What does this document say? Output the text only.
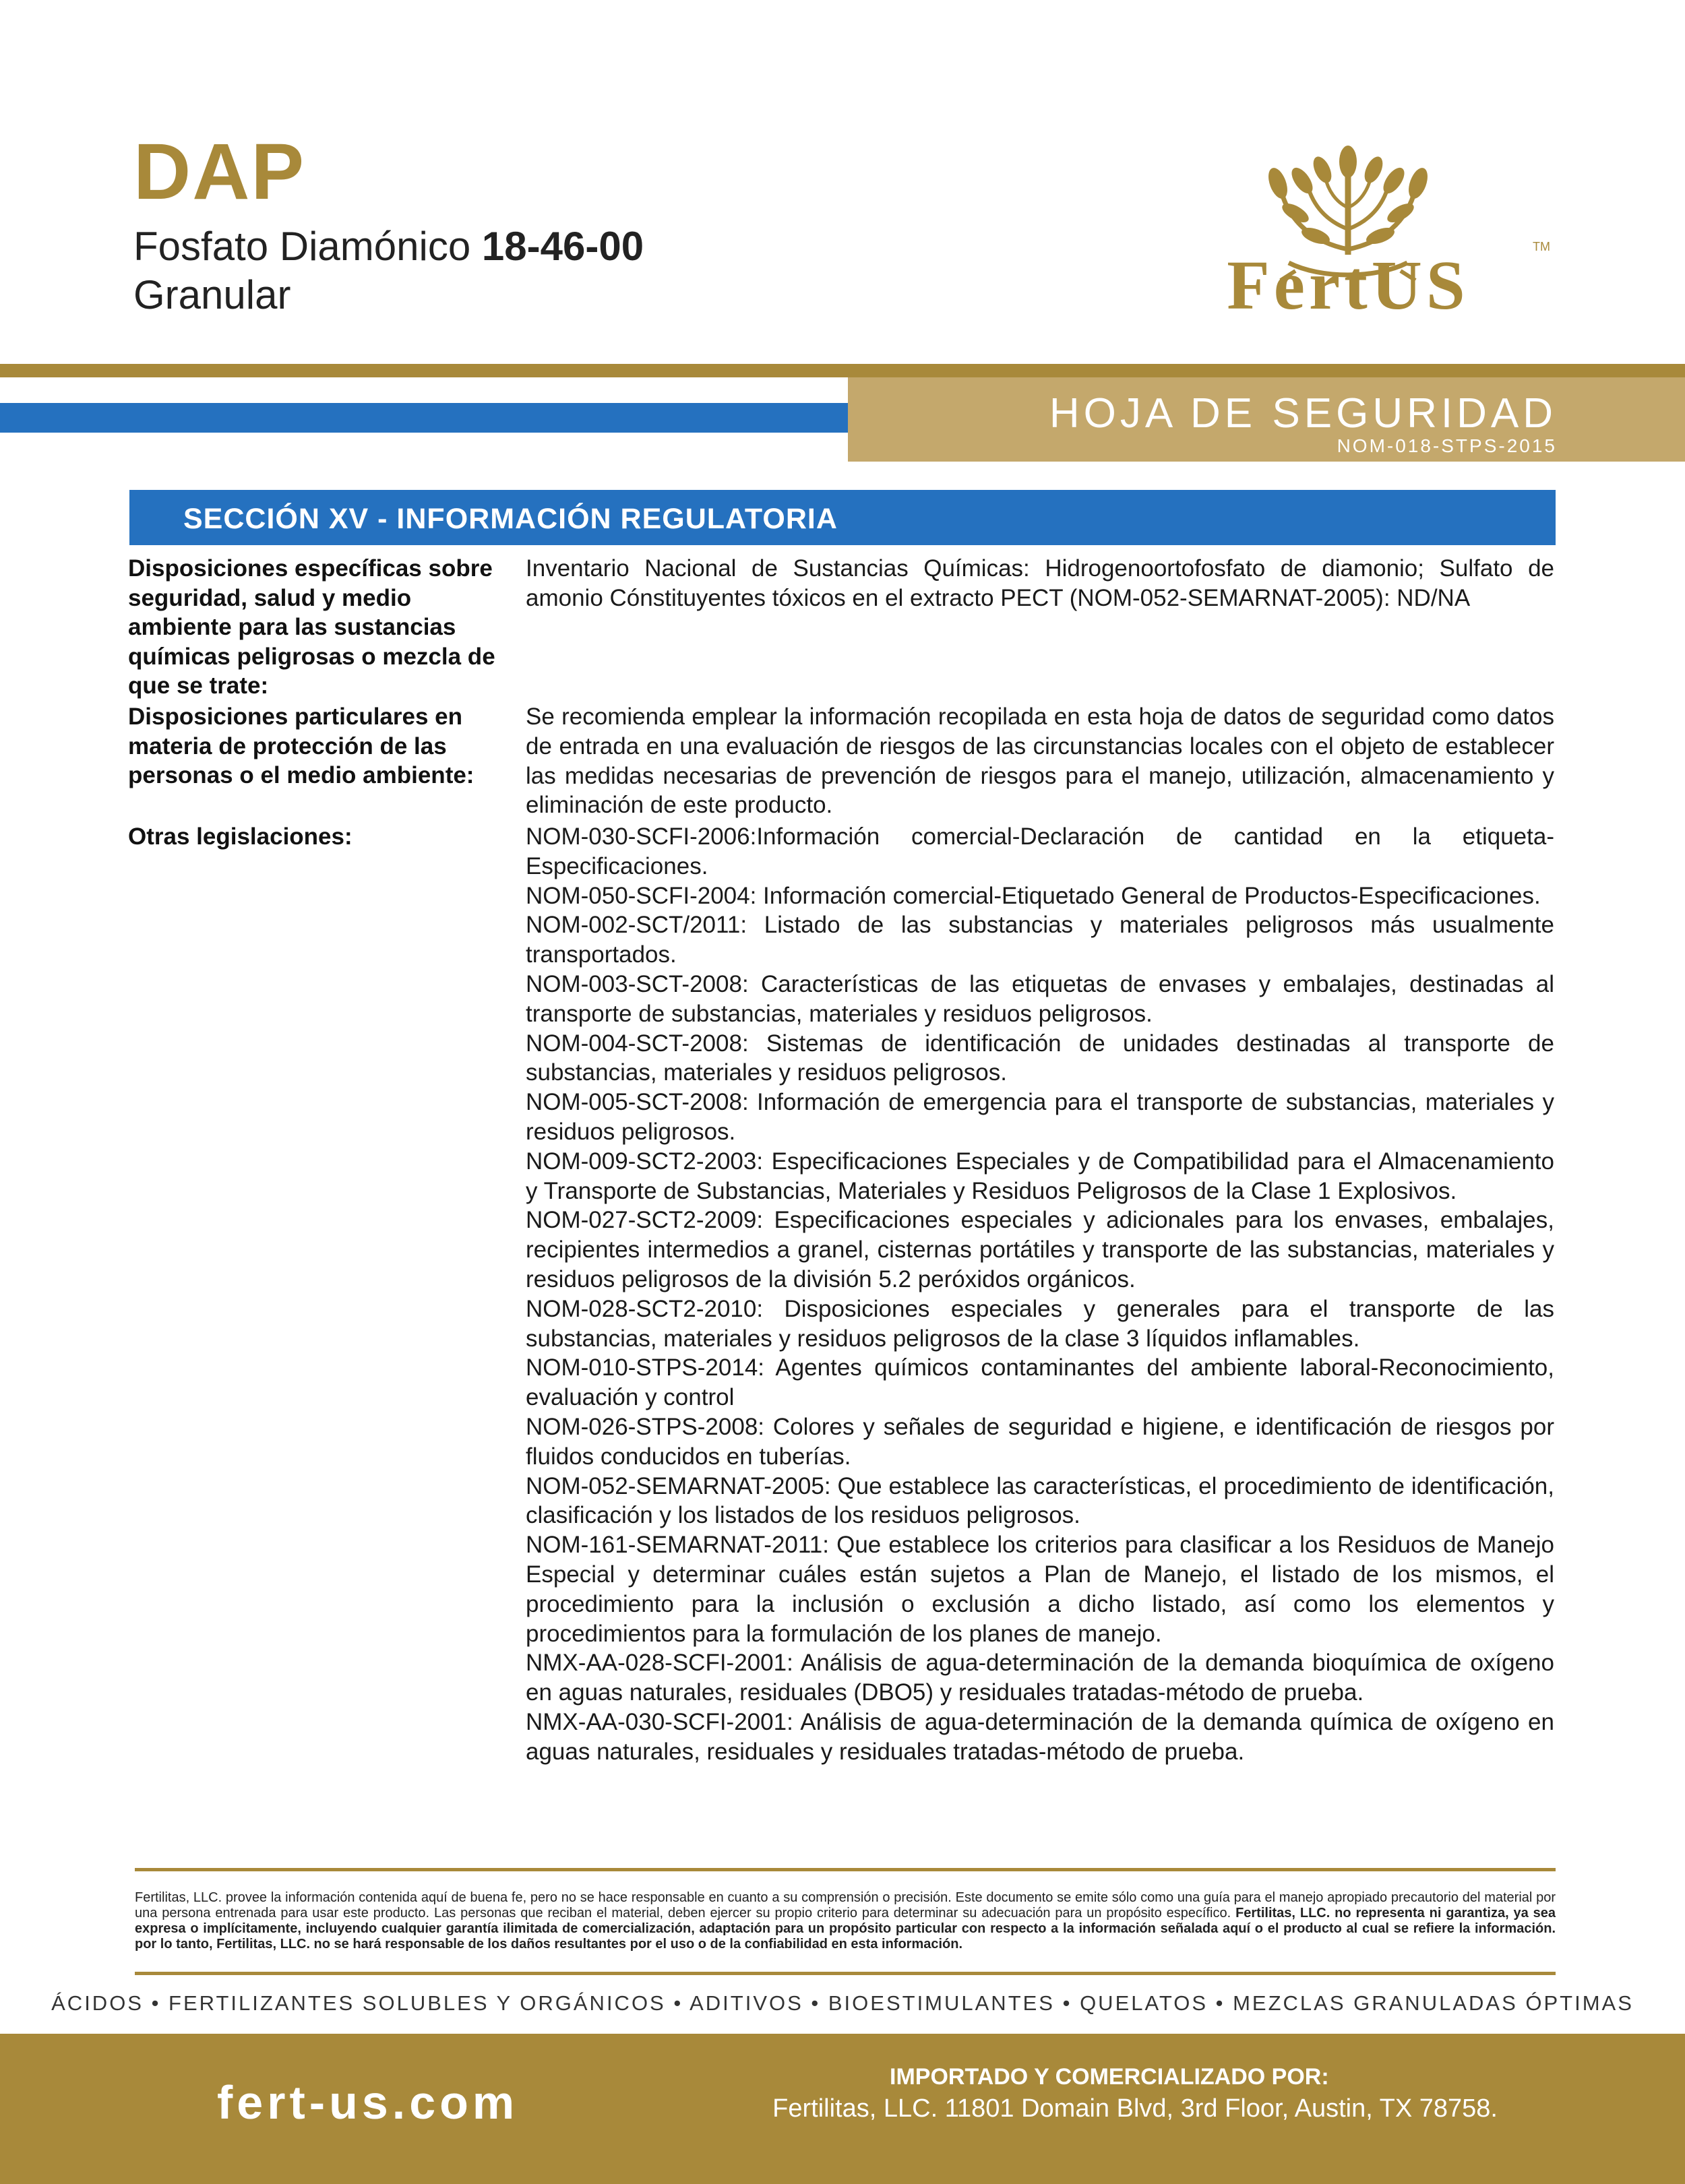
DAP
Fosfato Diamónico 18-46-00
Granular	FertUS	TM
HOJA DE SEGURIDAD
NOM-018-STPS-2015
SECCIÓN XV - INFORMACIÓN REGULATORIA
Disposiciones específicas sobre seguridad, salud y medio ambiente para las sustancias químicas peligrosas o mezcla de que se trate:

Inventario Nacional de Sustancias Químicas: Hidrogenoortofosfato de diamonio; Sulfato de amonio Cónstituyentes tóxicos en el extracto PECT (NOM-052-SEMARNAT-2005): ND/NA

Disposiciones particulares en materia de protección de las personas o el medio ambiente:

Se recomienda emplear la información recopilada en esta hoja de datos de seguridad como datos de entrada en una evaluación de riesgos de las circunstancias locales con el objeto de establecer las medidas necesarias de prevención de riesgos para el manejo, utilización, almacenamiento y eliminación de este producto.

Otras legislaciones:	NOM-030-SCFI-2006:Información comercial-Declaración de cantidad en la etiqueta-Especificaciones.

NOM-050-SCFI-2004: Información comercial-Etiquetado General de Productos-Especificaciones.

NOM-002-SCT/2011: Listado de las substancias y materiales peligrosos más usualmente transportados.

NOM-003-SCT-2008: Características de las etiquetas de envases y embalajes, destinadas al transporte de substancias, materiales y residuos peligrosos.

NOM-004-SCT-2008: Sistemas de identificación de unidades destinadas al transporte de substancias, materiales y residuos peligrosos.

NOM-005-SCT-2008: Información de emergencia para el transporte de substancias, materiales y residuos peligrosos.

NOM-009-SCT2-2003: Especificaciones Especiales y de Compatibilidad para el Almacenamiento y Transporte de Substancias, Materiales y Residuos Peligrosos de la Clase 1 Explosivos.

NOM-027-SCT2-2009: Especificaciones especiales y adicionales para los envases, embalajes, recipientes intermedios a granel, cisternas portátiles y transporte de las substancias, materiales y residuos peligrosos de la división 5.2 peróxidos orgánicos.

NOM-028-SCT2-2010: Disposiciones especiales y generales para el transporte de las substancias, materiales y residuos peligrosos de la clase 3 líquidos inflamables.

NOM-010-STPS-2014: Agentes químicos contaminantes del ambiente laboral-Reconocimiento, evaluación y control

NOM-026-STPS-2008: Colores y señales de seguridad e higiene, e identificación de riesgos por fluidos conducidos en tuberías.

NOM-052-SEMARNAT-2005: Que establece las características, el procedimiento de identificación, clasificación y los listados de los residuos peligrosos.

NOM-161-SEMARNAT-2011: Que establece los criterios para clasificar a los Residuos de Manejo Especial y determinar cuáles están sujetos a Plan de Manejo, el listado de los mismos, el procedimiento para la inclusión o exclusión a dicho listado, así como los elementos y procedimientos para la formulación de los planes de manejo.

NMX-AA-028-SCFI-2001: Análisis de agua-determinación de la demanda bioquímica de oxígeno en aguas naturales, residuales (DBO5) y residuales tratadas-método de prueba.

NMX-AA-030-SCFI-2001: Análisis de agua-determinación de la demanda química de oxígeno en aguas naturales, residuales y residuales tratadas-método de prueba.

Fertilitas, LLC. provee la información contenida aquí de buena fe, pero no se hace responsable en cuanto a su comprensión o precisión. Este documento se emite sólo como una guía para el manejo apropiado precautorio del material por una persona entrenada para usar este producto. Las personas que reciban el material, deben ejercer su propio criterio para determinar su adecuación para un propósito específico. Fertilitas, LLC. no representa ni garantiza, ya sea expresa o implícitamente, incluyendo cualquier garantía ilimitada de comercialización, adaptación para un propósito particular con respecto a la información señalada aquí o el producto al cual se refiere la información. por lo tanto, Fertilitas, LLC. no se hará responsable de los daños resultantes por el uso o de la confiabilidad en esta información.
ÁCIDOS • FERTILIZANTES SOLUBLES Y ORGÁNICOS • ADITIVOS • BIOESTIMULANTES • QUELATOS • MEZCLAS GRANULADAS ÓPTIMAS
fert-us.com	IMPORTADO Y COMERCIALIZADO POR:
Fertilitas, LLC. 11801 Domain Blvd, 3rd Floor, Austin, TX 78758.
